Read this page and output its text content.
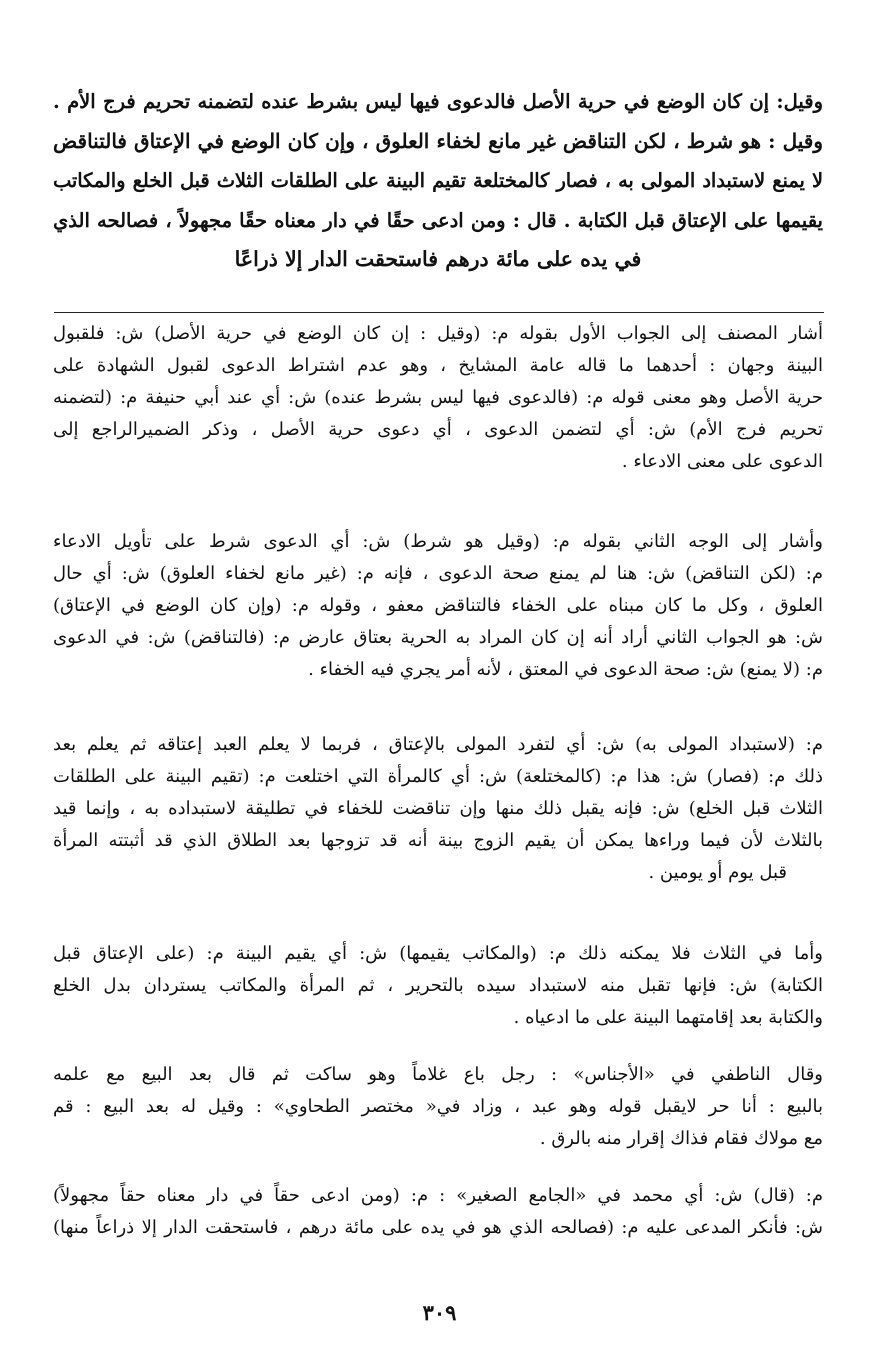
وقيل: إن كان الوضع في حرية الأصل فالدعوى فيها ليس بشرط عنده لتضمنه تحريم فرج الأم .
وقيل : هو شرط ، لكن التناقض غير مانع لخفاء العلوق ، وإن كان الوضع في الإعتاق فالتناقض
لا يمنع لاستبداد المولى به ، فصار كالمختلعة تقيم البينة على الطلقات الثلاث قبل الخلع والمكاتب
يقيمها على الإعتاق قبل الكتابة . قال : ومن ادعى حقًا في دار معناه حقًا مجهولاً ، فصالحه الذي
في يده على مائة درهم فاستحقت الدار إلا ذراعًا
أشار المصنف إلى الجواب الأول بقوله م: (وقيل : إن كان الوضع في حرية الأصل) ش: فلقبول
البينة وجهان : أحدهما ما قاله عامة المشايخ ، وهو عدم اشتراط الدعوى لقبول الشهادة على
حرية الأصل وهو معنى قوله م: (فالدعوى فيها ليس بشرط عنده) ش: أي عند أبي حنيفة م: (لتضمنه
تحريم فرج الأم) ش: أي لتضمن الدعوى ، أي دعوى حرية الأصل ، وذكر الضميرالراجع إلى
الدعوى على معنى الادعاء .
وأشار إلى الوجه الثاني بقوله م: (وقيل هو شرط) ش: أي الدعوى شرط على تأويل الادعاء
م: (لكن التناقض) ش: هنا لم يمنع صحة الدعوى ، فإنه م: (غير مانع لخفاء العلوق) ش: أي حال
العلوق ، وكل ما كان مبناه على الخفاء فالتناقض معفو ، وقوله م: (وإن كان الوضع في الإعتاق)
ش: هو الجواب الثاني أراد أنه إن كان المراد به الحرية بعتاق عارض م: (فالتناقض) ش: في الدعوى
م: (لا يمنع) ش: صحة الدعوى في المعتق ، لأنه أمر يجري فيه الخفاء .
م: (لاستبداد المولى به) ش: أي لتفرد المولى بالإعتاق ، فربما لا يعلم العبد إعتاقه ثم يعلم بعد
ذلك م: (فصار) ش: هذا م: (كالمختلعة) ش: أي كالمرأة التي اختلعت م: (تقيم البينة على الطلقات
الثلاث قبل الخلع) ش: فإنه يقبل ذلك منها وإن تناقضت للخفاء في تطليقة لاستبداده به ، وإنما قيد
بالثلاث لأن فيما وراءها يمكن أن يقيم الزوج بينة أنه قد تزوجها بعد الطلاق الذي قد أثبتته المرأة
قبل يوم أو يومين .
وأما في الثلاث فلا يمكنه ذلك م: (والمكاتب يقيمها) ش: أي يقيم البينة م: (على الإعتاق قبل
الكتابة) ش: فإنها تقبل منه لاستبداد سيده بالتحرير ، ثم المرأة والمكاتب يستردان بدل الخلع
والكتابة بعد إقامتهما البينة على ما ادعياه .
وقال الناطفي في «الأجناس» : رجل باع غلاماً وهو ساكت ثم قال بعد البيع مع علمه
بالبيع : أنا حر لايقبل قوله وهو عبد ، وزاد في« مختصر الطحاوي» : وقيل له بعد البيع : قم
مع مولاك فقام فذاك إقرار منه بالرق .
م: (قال) ش: أي محمد في «الجامع الصغير» : م: (ومن ادعى حقاً في دار معناه حقاً مجهولاً)
ش: فأنكر المدعى عليه م: (فصالحه الذي هو في يده على مائة درهم ، فاستحقت الدار إلا ذراعاً منها)
٣٠٩
